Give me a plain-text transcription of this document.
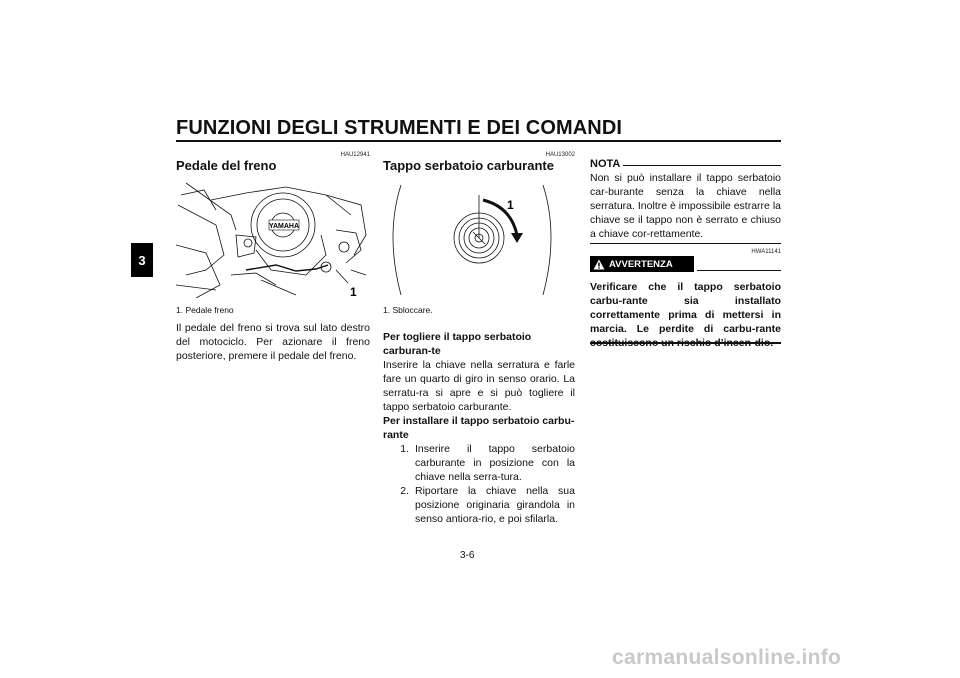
FUNZIONI DEGLI STRUMENTI E DEI COMANDI
3
HAU12941
Pedale del freno
YAMAHA
1
1. Pedale freno
Il pedale del freno si trova sul lato destro del motociclo. Per azionare il freno posteriore, premere il pedale del freno.
HAU13002
Tappo serbatoio carburante
1
1. Sbloccare.
Per togliere il tappo serbatoio carburan-te
Inserire la chiave nella serratura e farle fare un quarto di giro in senso orario. La serratu-ra si apre e si può togliere il tappo serbatoio carburante.
Per installare il tappo serbatoio carbu-rante
1. Inserire il tappo serbatoio carburante in posizione con la chiave nella serra-tura.
2. Riportare la chiave nella sua posizione originaria girandola in senso antiora-rio, e poi sfilarla.
NOTA
Non si può installare il tappo serbatoio car-burante senza la chiave nella serratura. Inoltre è impossibile estrarre la chiave se il tappo non è serrato e chiuso a chiave cor-rettamente.
HWA11141
AVVERTENZA
Verificare che il tappo serbatoio carbu-rante sia installato correttamente prima di mettersi in marcia. Le perdite di carbu-rante
3-6
carmanualsonline.info
